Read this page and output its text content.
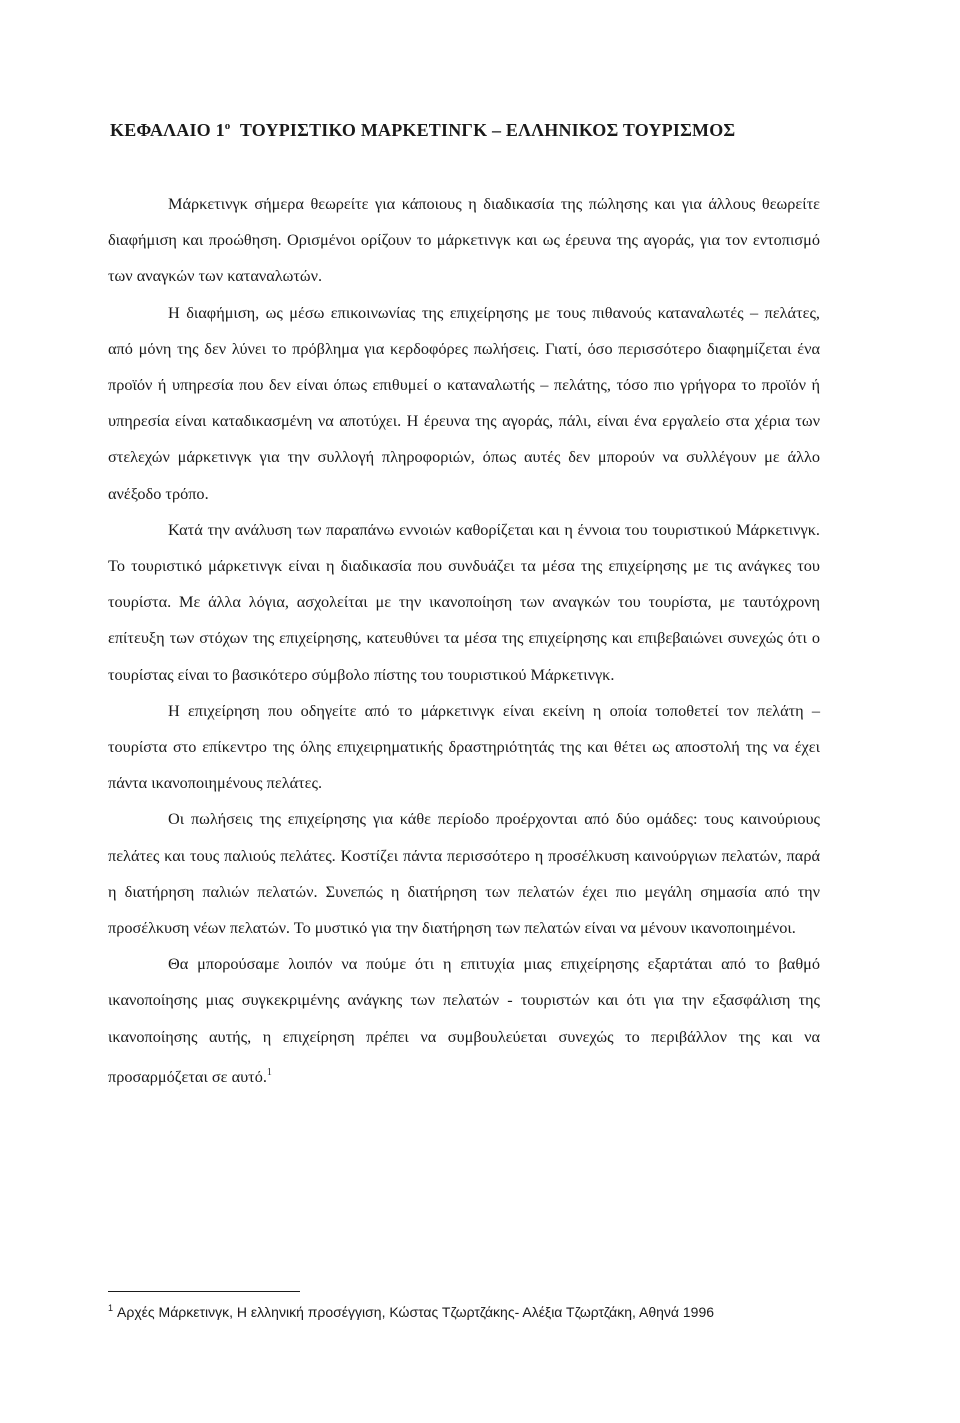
ΚΕΦΑΛΑΙΟ $1^o$ ΤΟΥΡΙΣΤΙΚΟ ΜΑΡΚΕΤΙΝΓΚ – ΕΛΛΗΝΙΚΟΣ ΤΟΥΡΙΣΜΟΣ

Μάρκετινγκ σήμερα θεωρείτε για κάποιους η διαδικασία της πώλησης και για άλλους θεωρείτε διαφήμιση και προώθηση. Ορισμένοι ορίζουν το μάρκετινγκ και ως έρευνα της αγοράς, για τον εντοπισμό των αναγκών των καταναλωτών.

Η διαφήμιση, ως μέσω επικοινωνίας της επιχείρησης με τους πιθανούς καταναλωτές – πελάτες, από μόνη της δεν λύνει το πρόβλημα για κερδοφόρες πωλήσεις. Γιατί, όσο περισσότερο διαφημίζεται ένα προϊόν ή υπηρεσία που δεν είναι όπως επιθυμεί ο καταναλωτής – πελάτης, τόσο πιο γρήγορα το προϊόν ή υπηρεσία είναι καταδικασμένη να αποτύχει. Η έρευνα της αγοράς, πάλι, είναι ένα εργαλείο στα χέρια των στελεχών μάρκετινγκ για την συλλογή πληροφοριών, όπως αυτές δεν μπορούν να συλλέγουν με άλλο ανέξοδο τρόπο.

Κατά την ανάλυση των παραπάνω εννοιών καθορίζεται και η έννοια του τουριστικού Μάρκετινγκ. Το τουριστικό μάρκετινγκ είναι η διαδικασία που συνδυάζει τα μέσα της επιχείρησης με τις ανάγκες του τουρίστα. Με άλλα λόγια, ασχολείται με την ικανοποίηση των αναγκών του τουρίστα, με ταυτόχρονη επίτευξη των στόχων της επιχείρησης, κατευθύνει τα μέσα της επιχείρησης και επιβεβαιώνει συνεχώς ότι ο τουρίστας είναι το βασικότερο σύμβολο πίστης του τουριστικού Μάρκετινγκ.

Η επιχείρηση που οδηγείτε από το μάρκετινγκ είναι εκείνη η οποία τοποθετεί τον πελάτη – τουρίστα στο επίκεντρο της όλης επιχειρηματικής δραστηριότητάς της και θέτει ως αποστολή της να έχει πάντα ικανοποιημένους πελάτες.

Οι πωλήσεις της επιχείρησης για κάθε περίοδο προέρχονται από δύο ομάδες: τους καινούριους πελάτες και τους παλιούς πελάτες. Κοστίζει πάντα περισσότερο η προσέλκυση καινούργιων πελατών, παρά η διατήρηση παλιών πελατών. Συνεπώς η διατήρηση των πελατών έχει πιο μεγάλη σημασία από την προσέλκυση νέων πελατών. Το μυστικό για την διατήρηση των πελατών είναι να μένουν ικανοποιημένοι.

Θα μπορούσαμε λοιπόν να πούμε ότι η επιτυχία μιας επιχείρησης εξαρτάται από το βαθμό ικανοποίησης μιας συγκεκριμένης ανάγκης των πελατών - τουριστών και ότι για την εξασφάλιση της ικανοποίησης αυτής, η επιχείρηση πρέπει να συμβουλεύεται συνεχώς το περιβάλλον της και να προσαρμόζεται σε αυτό.$^1$

$^1$ Αρχές Μάρκετινγκ, Η ελληνική προσέγγιση, Κώστας Τζωρτζάκης- Αλέξια Τζωρτζάκη, Αθηνά 1996
